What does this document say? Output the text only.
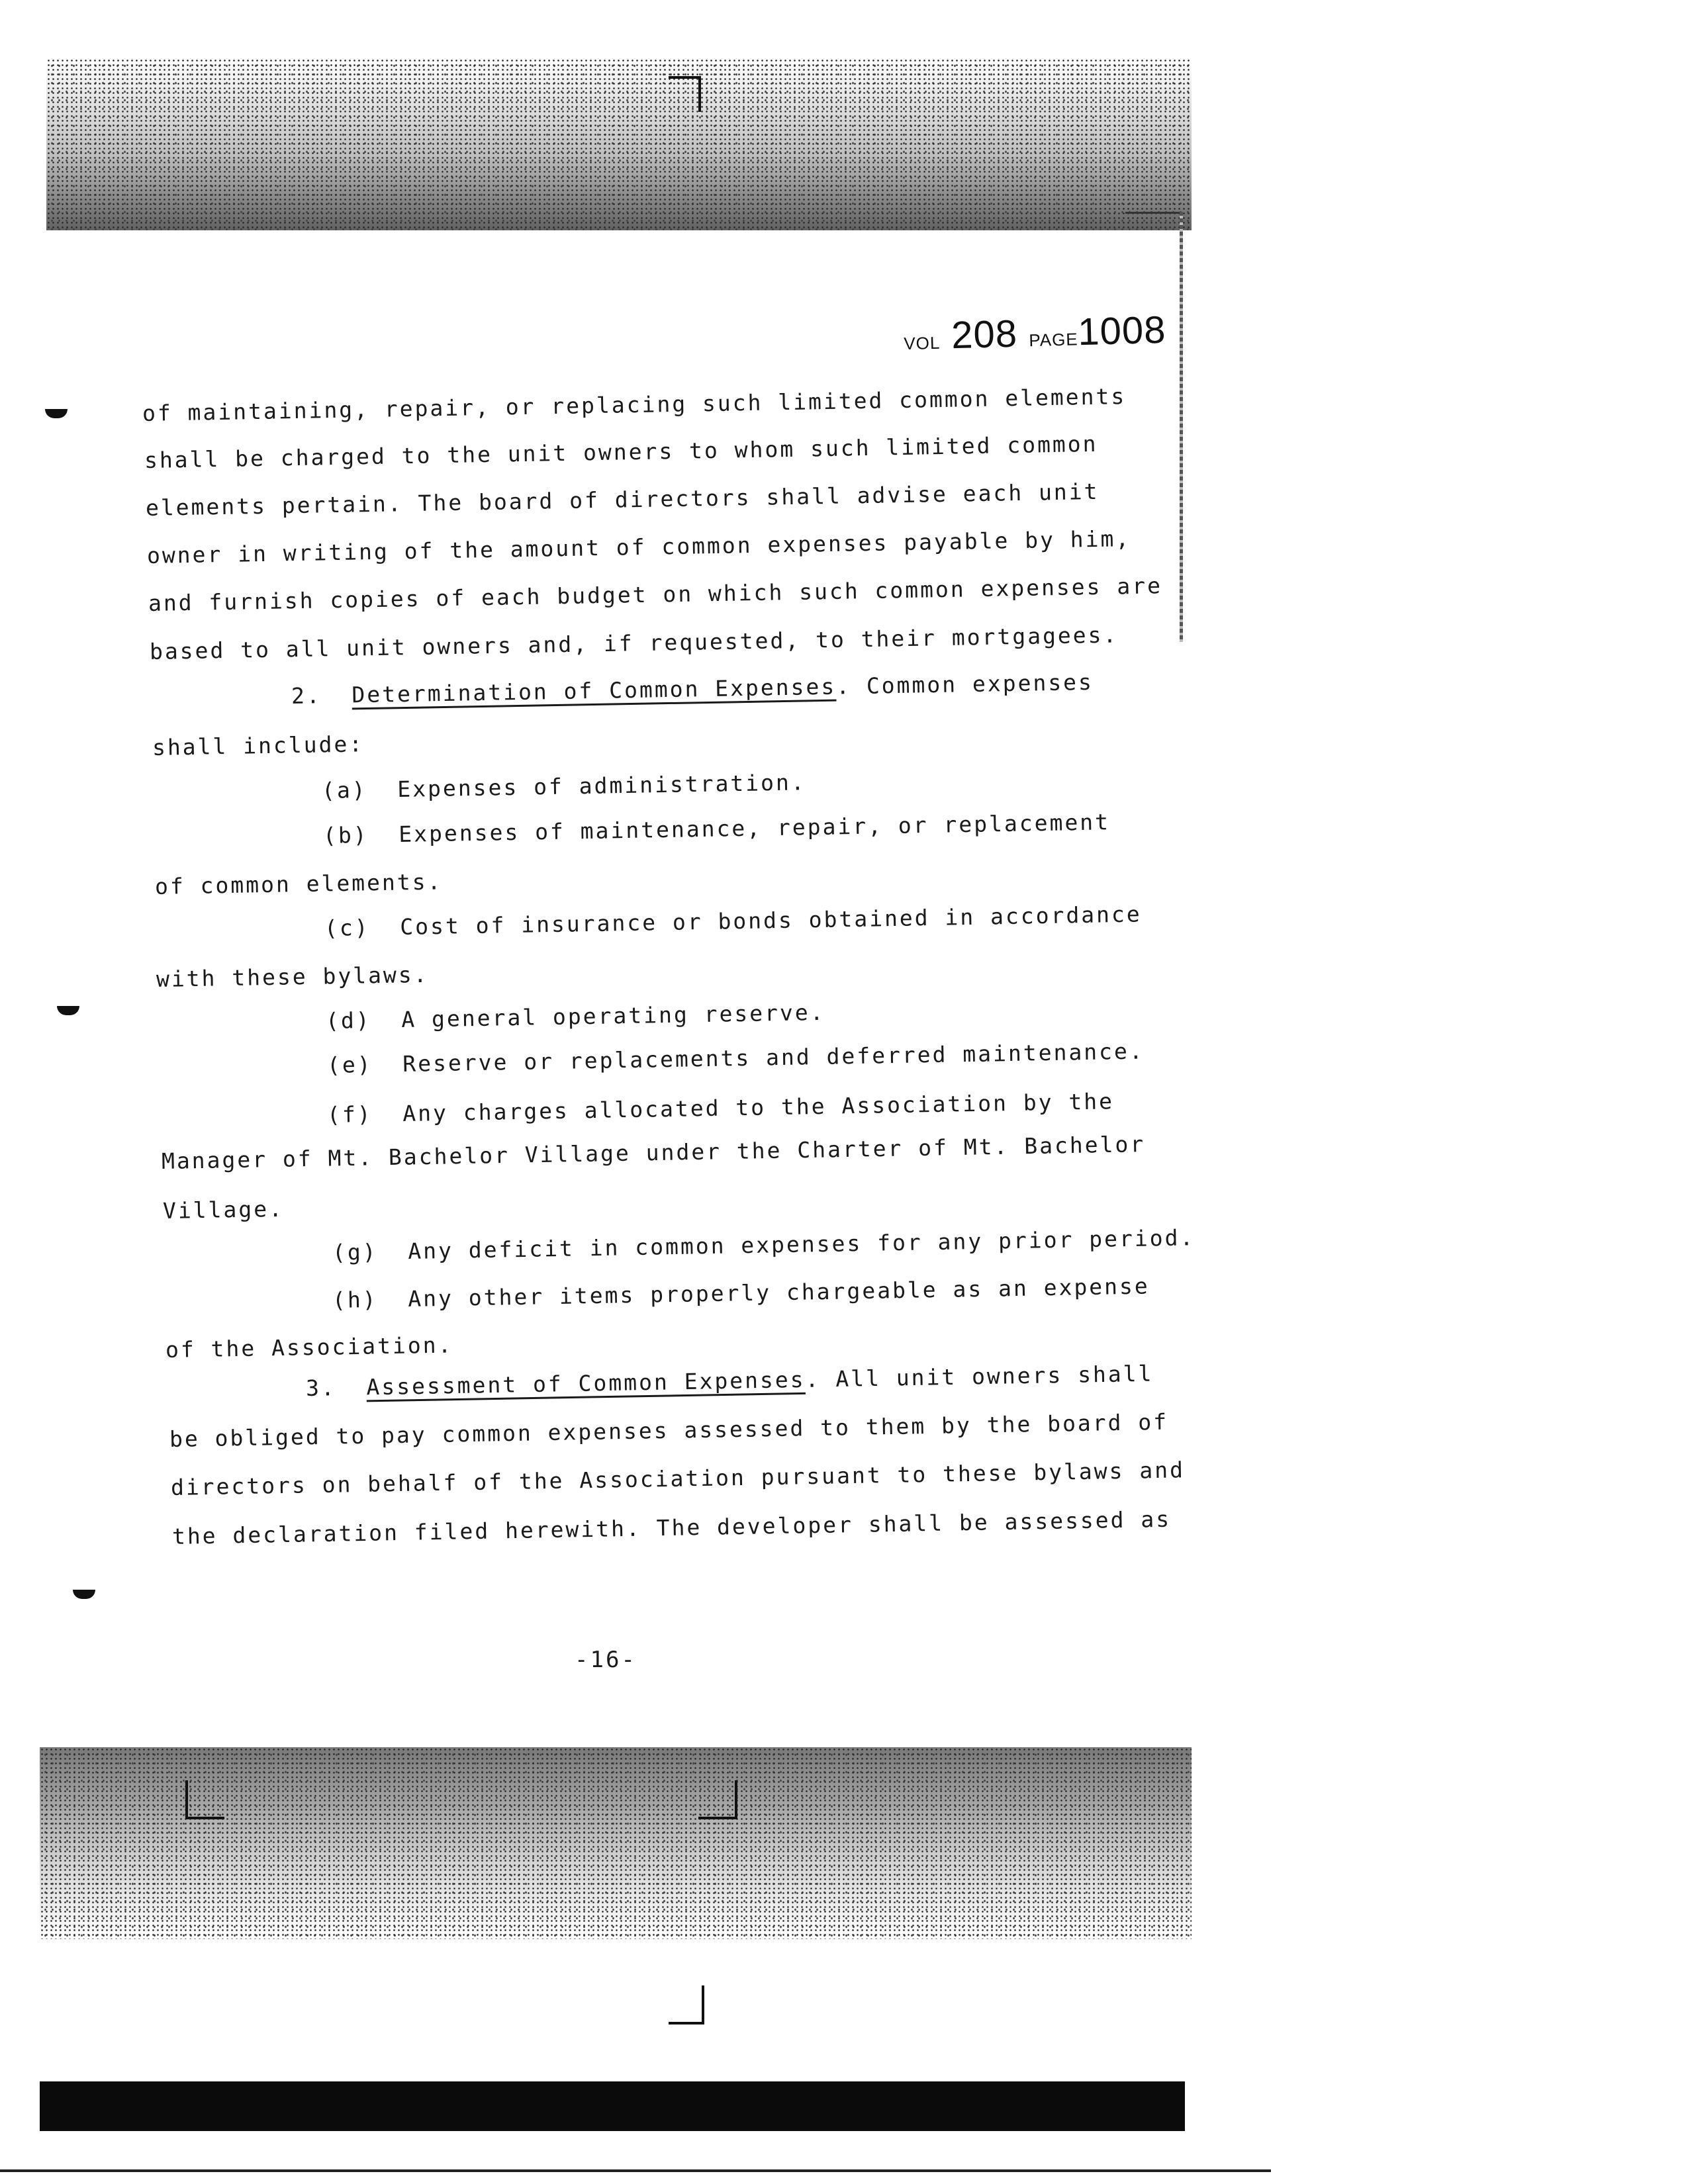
VOL 208 PAGE1008
of maintaining, repair, or replacing such limited common elements
shall be charged to the unit owners to whom such limited common
elements pertain. The board of directors shall advise each unit
owner in writing of the amount of common expenses payable by him,
and furnish copies of each budget on which such common expenses are
based to all unit owners and, if requested, to their mortgagees.
2. Determination of Common Expenses. Common expenses
shall include:
(a) Expenses of administration.
(b) Expenses of maintenance, repair, or replacement
of common elements.
(c) Cost of insurance or bonds obtained in accordance
with these bylaws.
(d) A general operating reserve.
(e) Reserve or replacements and deferred maintenance.
(f) Any charges allocated to the Association by the
Manager of Mt. Bachelor Village under the Charter of Mt. Bachelor
Village.
(g) Any deficit in common expenses for any prior period.
(h) Any other items properly chargeable as an expense
of the Association.
3. Assessment of Common Expenses. All unit owners shall
be obliged to pay common expenses assessed to them by the board of
directors on behalf of the Association pursuant to these bylaws and
the declaration filed herewith. The developer shall be assessed as
-16-
